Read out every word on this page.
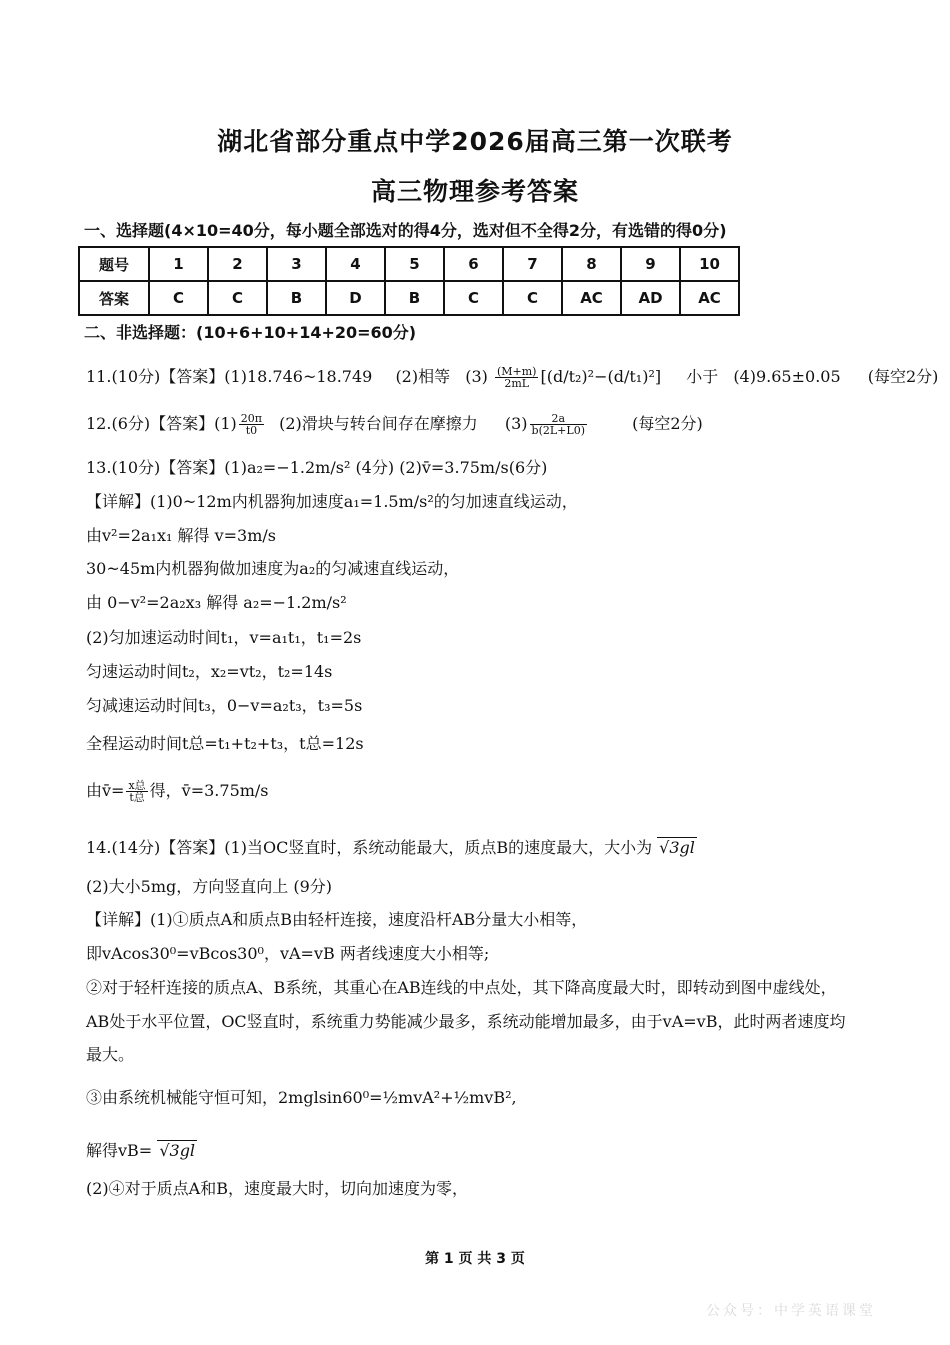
湖北省部分重点中学2026届高三第一次联考
高三物理参考答案
一、选择题(4×10=40分，每小题全部选对的得4分，选对但不全得2分，有选错的得0分)
题号	1	2	3	4	5	6	7	8	9	10
答案	C	C	B	D	B	C	C	AC	AD	AC
二、非选择题：(10+6+10+14+20=60分)
11.(10分)【答案】(1)18.746~18.749 (2)相等 $(3) \frac{(M+m)}{2mL} [(d/t_2)^2-(d/t_1)^2]$ 小于 (4)9.65±0.05 (每空2分)
12.(6分)【答案】$(1) \frac{20\pi}{t0} (2)$滑块与转台间存在摩擦力 $(3) \frac{2a}{b(2L+L0)}$	(每空2分)
13.(10分)【答案】(1)a₂=−1.2m/s² (4分) (2)v̄=3.75m/s(6分)
【详解】(1)0~12m内机器狗加速度a₁=1.5m/s²的匀加速直线运动，
由v²=2a₁x₁ 解得 v=3m/s
30~45m内机器狗做加速度为a₂的匀减速直线运动，
由 0−v²=2a₂x₃ 解得 a₂=−1.2m/s²
(2)匀加速运动时间t₁，v=a₁t₁，t₁=2s
匀速运动时间t₂，x₂=vt₂，t₂=14s
匀减速运动时间t₃，0−v=a₂t₃，t₃=5s
全程运动时间t总=t₁+t₂+t₃，t总=12s
由v̄= $\frac{\text{x总}}{\text{t总}}$ 得，v̄=3.75m/s
14.(14分)【答案】(1)当OC竖直时，系统动能最大，质点B的速度最大，大小为 √3gl
(2)大小5mg，方向竖直向上 (9分)
【详解】(1)①质点A和质点B由轻杆连接，速度沿杆AB分量大小相等，
即vAcos30⁰=vBcos30⁰，vA=vB 两者线速度大小相等;
②对于轻杆连接的质点A、B系统，其重心在AB连线的中点处，其下降高度最大时，即转动到图中虚线处，
AB处于水平位置，OC竖直时，系统重力势能减少最多，系统动能增加最多，由于vA=vB，此时两者速度均
最大。
③由系统机械能守恒可知，2mglsin60⁰=½mvA²+½mvB²,
解得vB= √3gl
(2)④对于质点A和B，速度最大时，切向加速度为零，
第 1 页 共 3 页
公众号：中学英语课堂
